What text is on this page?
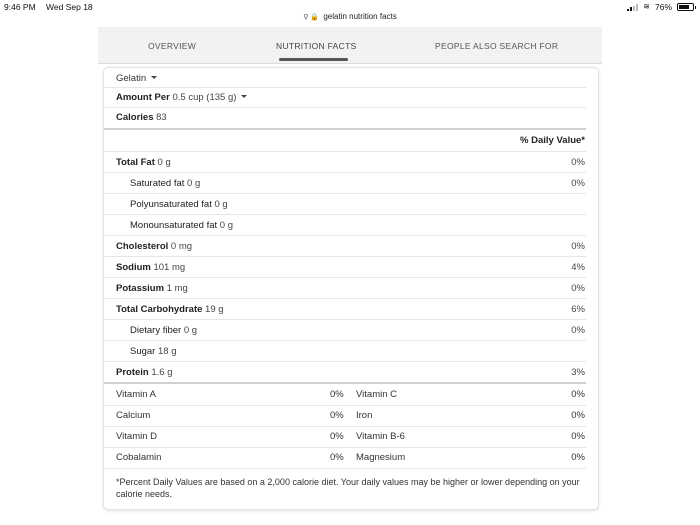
9:46 PM Wed Sep 18	≋ 76%
⚲ 🔒 gelatin nutrition facts
OVERVIEW	NUTRITION FACTS	PEOPLE ALSO SEARCH FOR
Gelatin
Amount Per 0.5 cup (135 g)
Calories 83
% Daily Value*
Total Fat 0 g	0%
Saturated fat 0 g	0%
Polyunsaturated fat 0 g
Monounsaturated fat 0 g
Cholesterol 0 mg	0%
Sodium 101 mg	4%
Potassium 1 mg	0%
Total Carbohydrate 19 g	6%
Dietary fiber 0 g	0%
Sugar 18 g
Protein 1.6 g	3%
Vitamin A	0% Vitamin C	0%
Calcium	0% Iron	0%
Vitamin D	0% Vitamin B-6	0%
Cobalamin	0% Magnesium	0%
*Percent Daily Values are based on a 2,000 calorie diet. Your daily values may be higher or lower depending on your calorie needs.
